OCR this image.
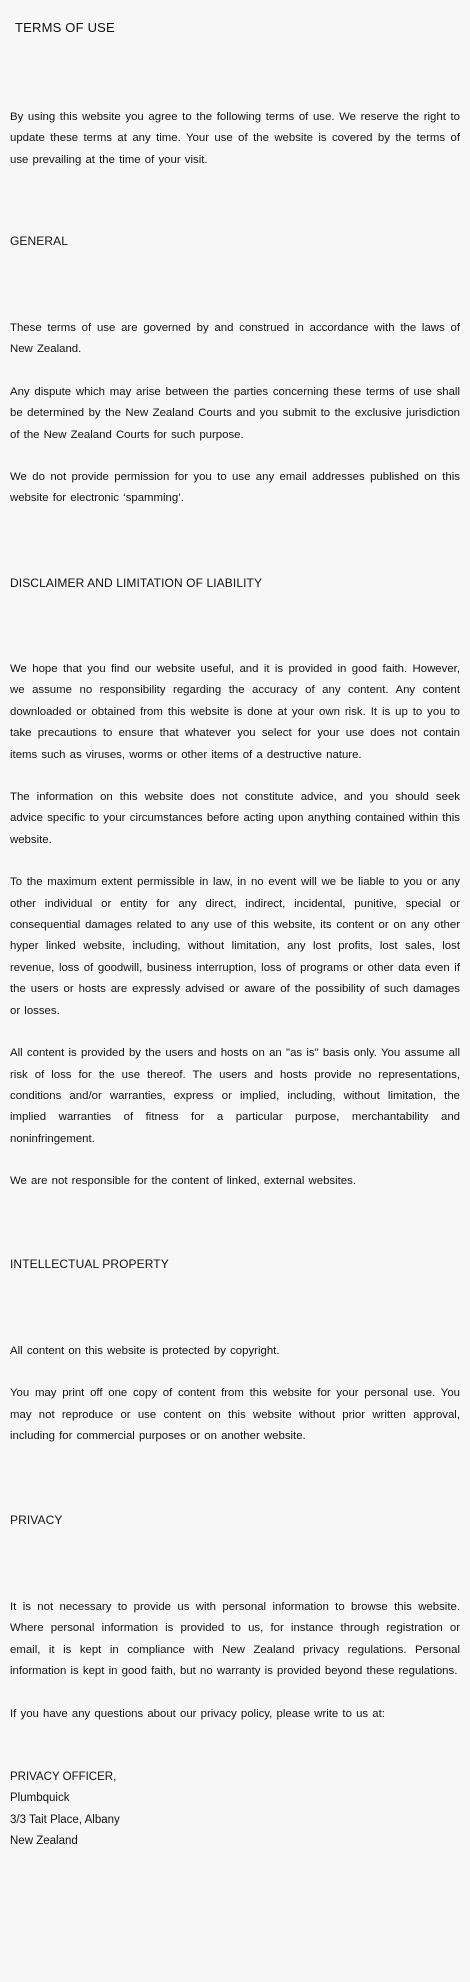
TERMS OF USE

By using this website you agree to the following terms of use. We reserve the right to update these terms at any time. Your use of the website is covered by the terms of use prevailing at the time of your visit.

GENERAL

These terms of use are governed by and construed in accordance with the laws of New Zealand.

Any dispute which may arise between the parties concerning these terms of use shall be determined by the New Zealand Courts and you submit to the exclusive jurisdiction of the New Zealand Courts for such purpose.

We do not provide permission for you to use any email addresses published on this website for electronic ‘spamming’.

DISCLAIMER AND LIMITATION OF LIABILITY

We hope that you find our website useful, and it is provided in good faith. However, we assume no responsibility regarding the accuracy of any content. Any content downloaded or obtained from this website is done at your own risk. It is up to you to take precautions to ensure that whatever you select for your use does not contain items such as viruses, worms or other items of a destructive nature.

The information on this website does not constitute advice, and you should seek advice specific to your circumstances before acting upon anything contained within this website.

To the maximum extent permissible in law, in no event will we be liable to you or any other individual or entity for any direct, indirect, incidental, punitive, special or consequential damages related to any use of this website, its content or on any other hyper linked website, including, without limitation, any lost profits, lost sales, lost revenue, loss of goodwill, business interruption, loss of programs or other data even if the users or hosts are expressly advised or aware of the possibility of such damages or losses.

All content is provided by the users and hosts on an "as is" basis only. You assume all risk of loss for the use thereof. The users and hosts provide no representations, conditions and/or warranties, express or implied, including, without limitation, the implied warranties of fitness for a particular purpose, merchantability and noninfringement.

We are not responsible for the content of linked, external websites.

INTELLECTUAL PROPERTY

All content on this website is protected by copyright.

You may print off one copy of content from this website for your personal use. You may not reproduce or use content on this website without prior written approval, including for commercial purposes or on another website.

PRIVACY

It is not necessary to provide us with personal information to browse this website. Where personal information is provided to us, for instance through registration or email, it is kept in compliance with New Zealand privacy regulations. Personal information is kept in good faith, but no warranty is provided beyond these regulations.

If you have any questions about our privacy policy, please write to us at:

PRIVACY OFFICER,
Plumbquick
3/3 Tait Place, Albany
New Zealand
